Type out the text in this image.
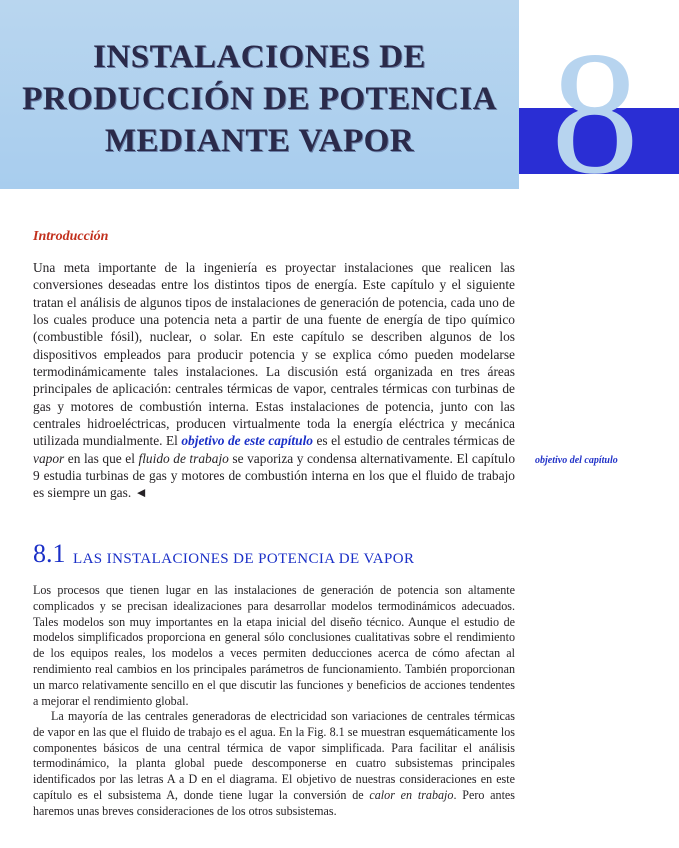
INSTALACIONES DE
PRODUCCIÓN DE POTENCIA
MEDIANTE VAPOR 8
Introducción

Una meta importante de la ingeniería es proyectar instalaciones que realicen las conversiones deseadas entre los distintos tipos de energía. Este capítulo y el siguiente tratan el análisis de algunos tipos de instalaciones de generación de potencia, cada uno de los cuales produce una potencia neta a partir de una fuente de energía de tipo químico (combustible fósil), nuclear, o solar. En este capítulo se describen algunos de los dispositivos empleados para producir potencia y se explica cómo pueden modelarse termodinámicamente tales instalaciones. La discusión está organizada en tres áreas principales de aplicación: centrales térmicas de vapor, centrales térmicas con turbinas de gas y motores de combustión interna. Estas instalaciones de potencia, junto con las centrales hidroeléctricas, producen virtualmente toda la energía eléctrica y mecánica utilizada mundialmente. El objetivo de este capítulo es el estudio de centrales térmicas de vapor en las que el fluido de trabajo se vaporiza y condensa alternativamente. El capítulo 9 estudia turbinas de gas y motores de combustión interna en los que el fluido de trabajo es siempre un gas. ◄

objetivo del capítulo
8.1 LAS INSTALACIONES DE POTENCIA DE VAPOR

Los procesos que tienen lugar en las instalaciones de generación de potencia son altamente complicados y se precisan idealizaciones para desarrollar modelos termodinámicos adecuados. Tales modelos son muy importantes en la etapa inicial del diseño técnico. Aunque el estudio de modelos simplificados proporciona en general sólo conclusiones cualitativas sobre el rendimiento de los equipos reales, los modelos a veces permiten deducciones acerca de cómo afectan al rendimiento real cambios en los principales parámetros de funcionamiento. También proporcionan un marco relativamente sencillo en el que discutir las funciones y beneficios de acciones tendentes a mejorar el rendimiento global.

La mayoría de las centrales generadoras de electricidad son variaciones de centrales térmicas de vapor en las que el fluido de trabajo es el agua. En la Fig. 8.1 se muestran esquemáticamente los componentes básicos de una central térmica de vapor simplificada. Para facilitar el análisis termodinámico, la planta global puede descomponerse en cuatro subsistemas principales identificados por las letras A a D en el diagrama. El objetivo de nuestras consideraciones en este capítulo es el subsistema A, donde tiene lugar la conversión de calor en trabajo. Pero antes haremos unas breves consideraciones de los otros subsistemas.
